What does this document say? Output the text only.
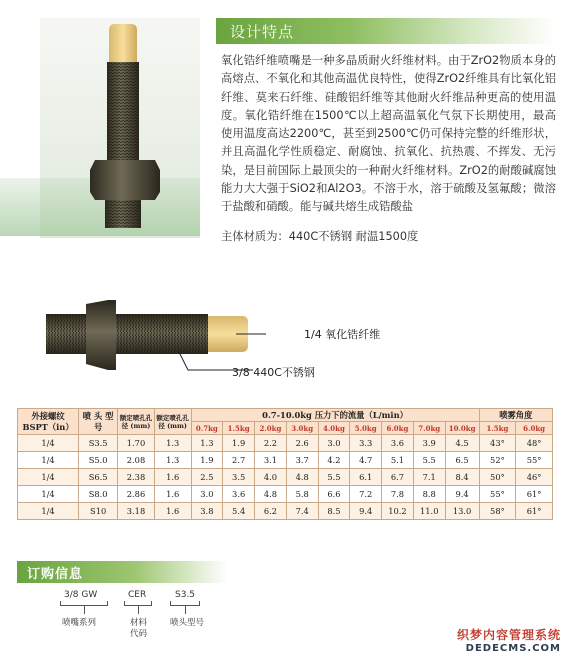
设计特点

氧化锆纤维喷嘴是一种多晶质耐火纤维材料。由于ZrO2物质本身的高熔点、不氧化和其他高温优良特性，使得ZrO2纤维具有比氧化铝纤维、莫来石纤维、硅酸铝纤维等其他耐火纤维品种更高的使用温度。氧化锆纤维在1500℃以上超高温氧化气氛下长期使用，最高使用温度高达2200℃，甚至到2500℃仍可保持完整的纤维形状，并且高温化学性质稳定、耐腐蚀、抗氧化、抗热震、不挥发、无污染，是目前国际上最顶尖的一种耐火纤维材料。ZrO2的耐酸碱腐蚀能力大大强于SiO2和Al2O3。不溶于水，溶于硫酸及氢氟酸；微溶于盐酸和硝酸。能与碱共熔生成锆酸盐

主体材质为：440C不锈钢 耐温1500度

1/4 氧化锆纤维
3/8 440C不锈钢
外接螺纹 BSPT（in）	喷 头 型 号	额定喷孔孔径 (mm)	额定喷孔孔径 (mm)	0.7-10.0kg 压力下的流量（L/min）									喷雾角度	
				0.7kg	1.5kg	2.0kg	3.0kg	4.0kg	5.0kg	6.0kg	7.0kg	10.0kg	1.5kg	6.0kg
1/4	S3.5	1.70	1.3	1.3	1.9	2.2	2.6	3.0	3.3	3.6	3.9	4.5	43°	48°
1/4	S5.0	2.08	1.3	1.9	2.7	3.1	3.7	4.2	4.7	5.1	5.5	6.5	52°	55°
1/4	S6.5	2.38	1.6	2.5	3.5	4.0	4.8	5.5	6.1	6.7	7.1	8.4	50°	46°
1/4	S8.0	2.86	1.6	3.0	3.6	4.8	5.8	6.6	7.2	7.8	8.8	9.4	55°	61°
1/4	S10	3.18	1.6	3.8	5.4	6.2	7.4	8.5	9.4	10.2	11.0	13.0	58°	61°
订购信息
3/8 GW	CER	S3.5
喷嘴系列	材料代码
喷头型号
织梦内容管理系统
DEDECMS.COM
